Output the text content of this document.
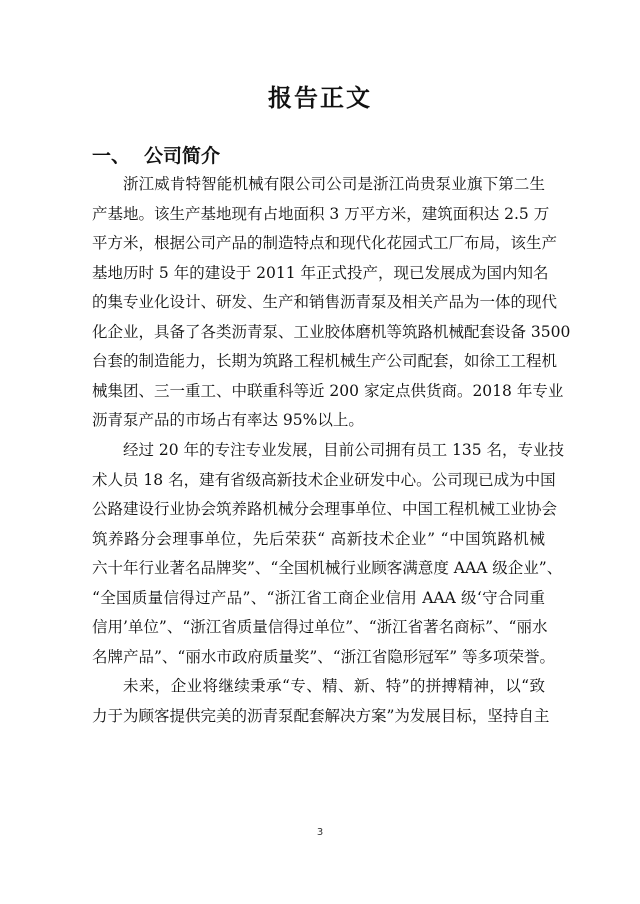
报告正文
一、 公司简介
浙江威肯特智能机械有限公司公司是浙江尚贵泵业旗下第二生
产基地。该生产基地现有占地面积 3 万平方米，建筑面积达 2.5 万
平方米，根据公司产品的制造特点和现代化花园式工厂布局，该生产
基地历时 5 年的建设于 2011 年正式投产，现已发展成为国内知名
的集专业化设计、研发、生产和销售沥青泵及相关产品为一体的现代
化企业，具备了各类沥青泵、工业胶体磨机等筑路机械配套设备 3500
台套的制造能力，长期为筑路工程机械生产公司配套，如徐工工程机
械集团、三一重工、中联重科等近 200 家定点供货商。2018 年专业
沥青泵产品的市场占有率达 95%以上。
经过 20 年的专注专业发展，目前公司拥有员工 135 名，专业技
术人员 18 名，建有省级高新技术企业研发中心。公司现已成为中国
公路建设行业协会筑养路机械分会理事单位、中国工程机械工业协会
筑养路分会理事单位，先后荣获“ 高新技术企业” “中国筑路机械
六十年行业著名品牌奖”、“全国机械行业顾客满意度 AAA 级企业”、
“全国质量信得过产品”、“浙江省工商企业信用 AAA 级‘守合同重
信用’单位”、“浙江省质量信得过单位”、“浙江省著名商标”、“丽水
名牌产品”、“丽水市政府质量奖”、“浙江省隐形冠军” 等多项荣誉。
未来，企业将继续秉承“专、精、新、特”的拼搏精神，以“致
力于为顾客提供完美的沥青泵配套解决方案”为发展目标，坚持自主
3
